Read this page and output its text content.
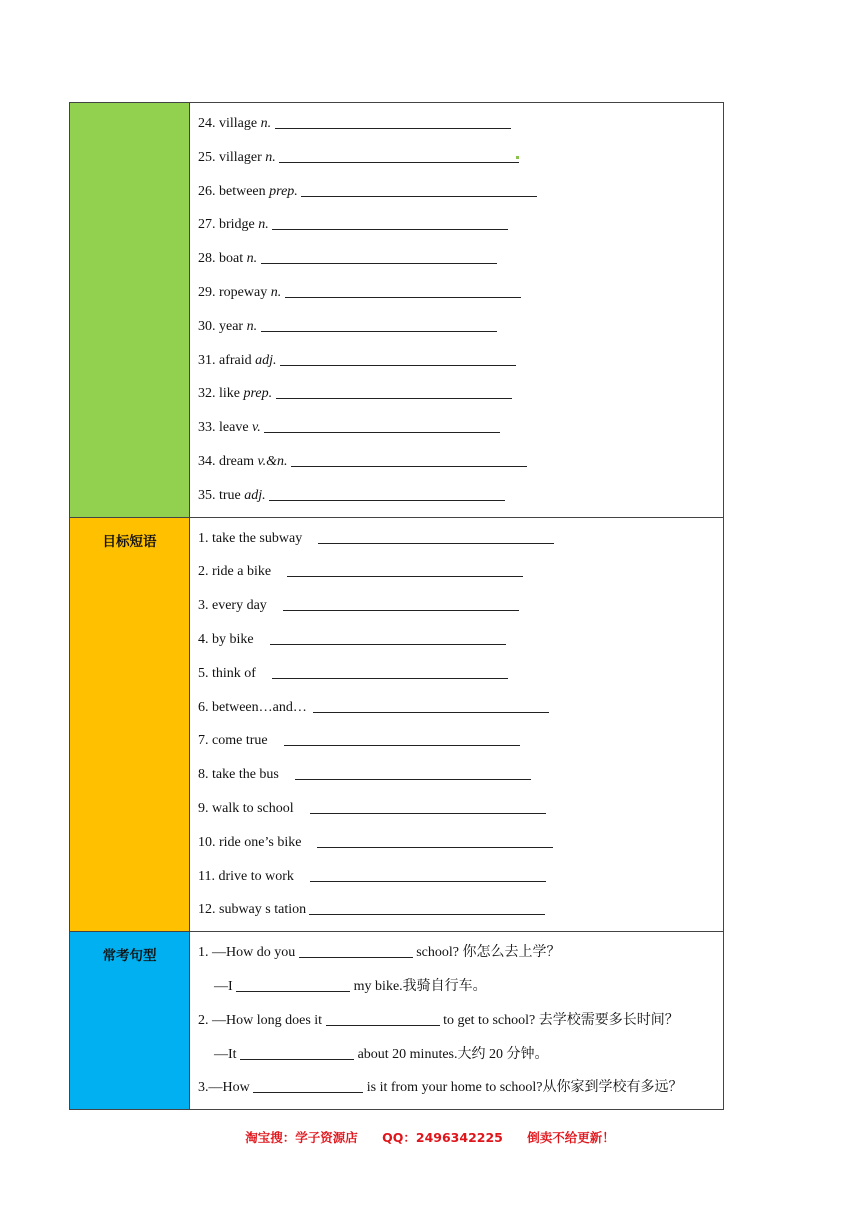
24. village n.
25. villager n.
26. between prep.
27. bridge n.
28. boat n.
29. ropeway n.
30. year n.
31. afraid adj.
32. like prep.
33. leave v.
34. dream v.&n.
35. true adj.
目标短语	1. take the subway
2. ride a bike
3. every day
4. by bike
5. think of
6. between…and…
7. come true
8. take the bus
9. walk to school
10. ride one’s bike
11. drive to work
12. subway s tation
常考句型	1. —How do you	school? 你怎么去上学？
—I	my bike.我骑自行车。
2. —How long does it	to get to school? 去学校需要多长时间？
—It	about 20 minutes.大约 20 分钟。
3.—How	is it from your home to school?从你家到学校有多远？
淘宝搜：学子资源店 QQ：2496342225 倒卖不给更新！
